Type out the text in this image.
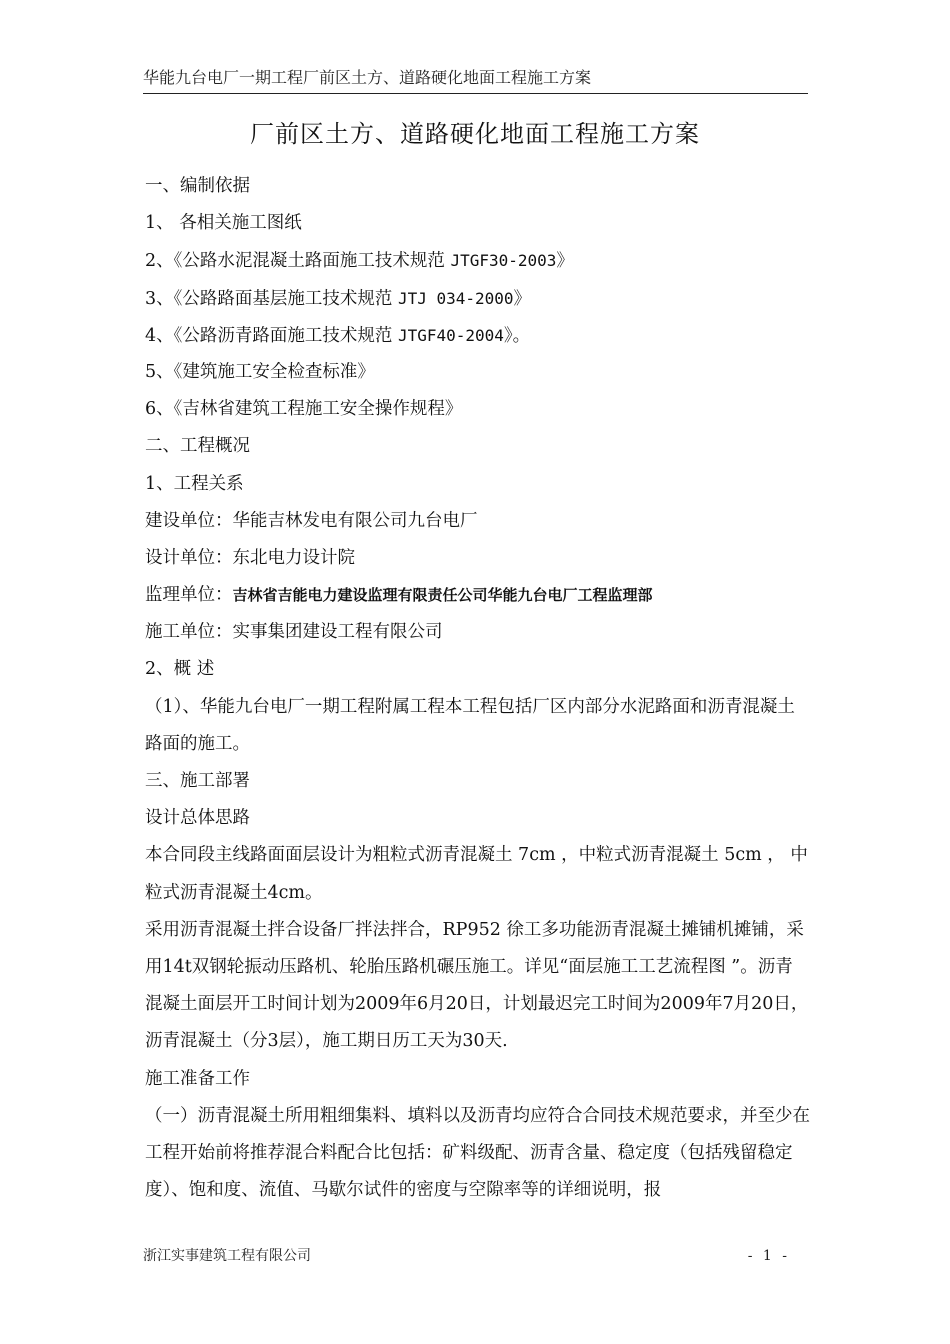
华能九台电厂一期工程厂前区土方、道路硬化地面工程施工方案
厂前区土方、道路硬化地面工程施工方案
一、编制依据
1、 各相关施工图纸
2、《公路水泥混凝土路面施工技术规范 JTGF30-2003》
3、《公路路面基层施工技术规范 JTJ 034-2000》
4、《公路沥青路面施工技术规范 JTGF40-2004》。
5、《建筑施工安全检查标准》
6、《吉林省建筑工程施工安全操作规程》
二、工程概况
1、工程关系
建设单位：华能吉林发电有限公司九台电厂
设计单位：东北电力设计院
监理单位：吉林省吉能电力建设监理有限责任公司华能九台电厂工程监理部
施工单位：实事集团建设工程有限公司
2、概 述
（1）、华能九台电厂一期工程附属工程本工程包括厂区内部分水泥路面和沥青混凝土路面的施工。
三、施工部署
设计总体思路
本合同段主线路面面层设计为粗粒式沥青混凝土 7cm ，中粒式沥青混凝土 5cm ， 中粒式沥青混凝土4cm。
采用沥青混凝土拌合设备厂拌法拌合，RP952 徐工多功能沥青混凝土摊铺机摊铺，采用14t双钢轮振动压路机、轮胎压路机碾压施工。详见“面层施工工艺流程图 ”。沥青混凝土面层开工时间计划为2009年6月20日，计划最迟完工时间为2009年7月20日，沥青混凝土（分3层），施工期日历工天为30天.
施工准备工作
（一）沥青混凝土所用粗细集料、填料以及沥青均应符合合同技术规范要求，并至少在工程开始前将推荐混合料配合比包括：矿料级配、沥青含量、稳定度（包括残留稳定度）、饱和度、流值、马歇尔试件的密度与空隙率等的详细说明，报
浙江实事建筑工程有限公司	- 1 -
